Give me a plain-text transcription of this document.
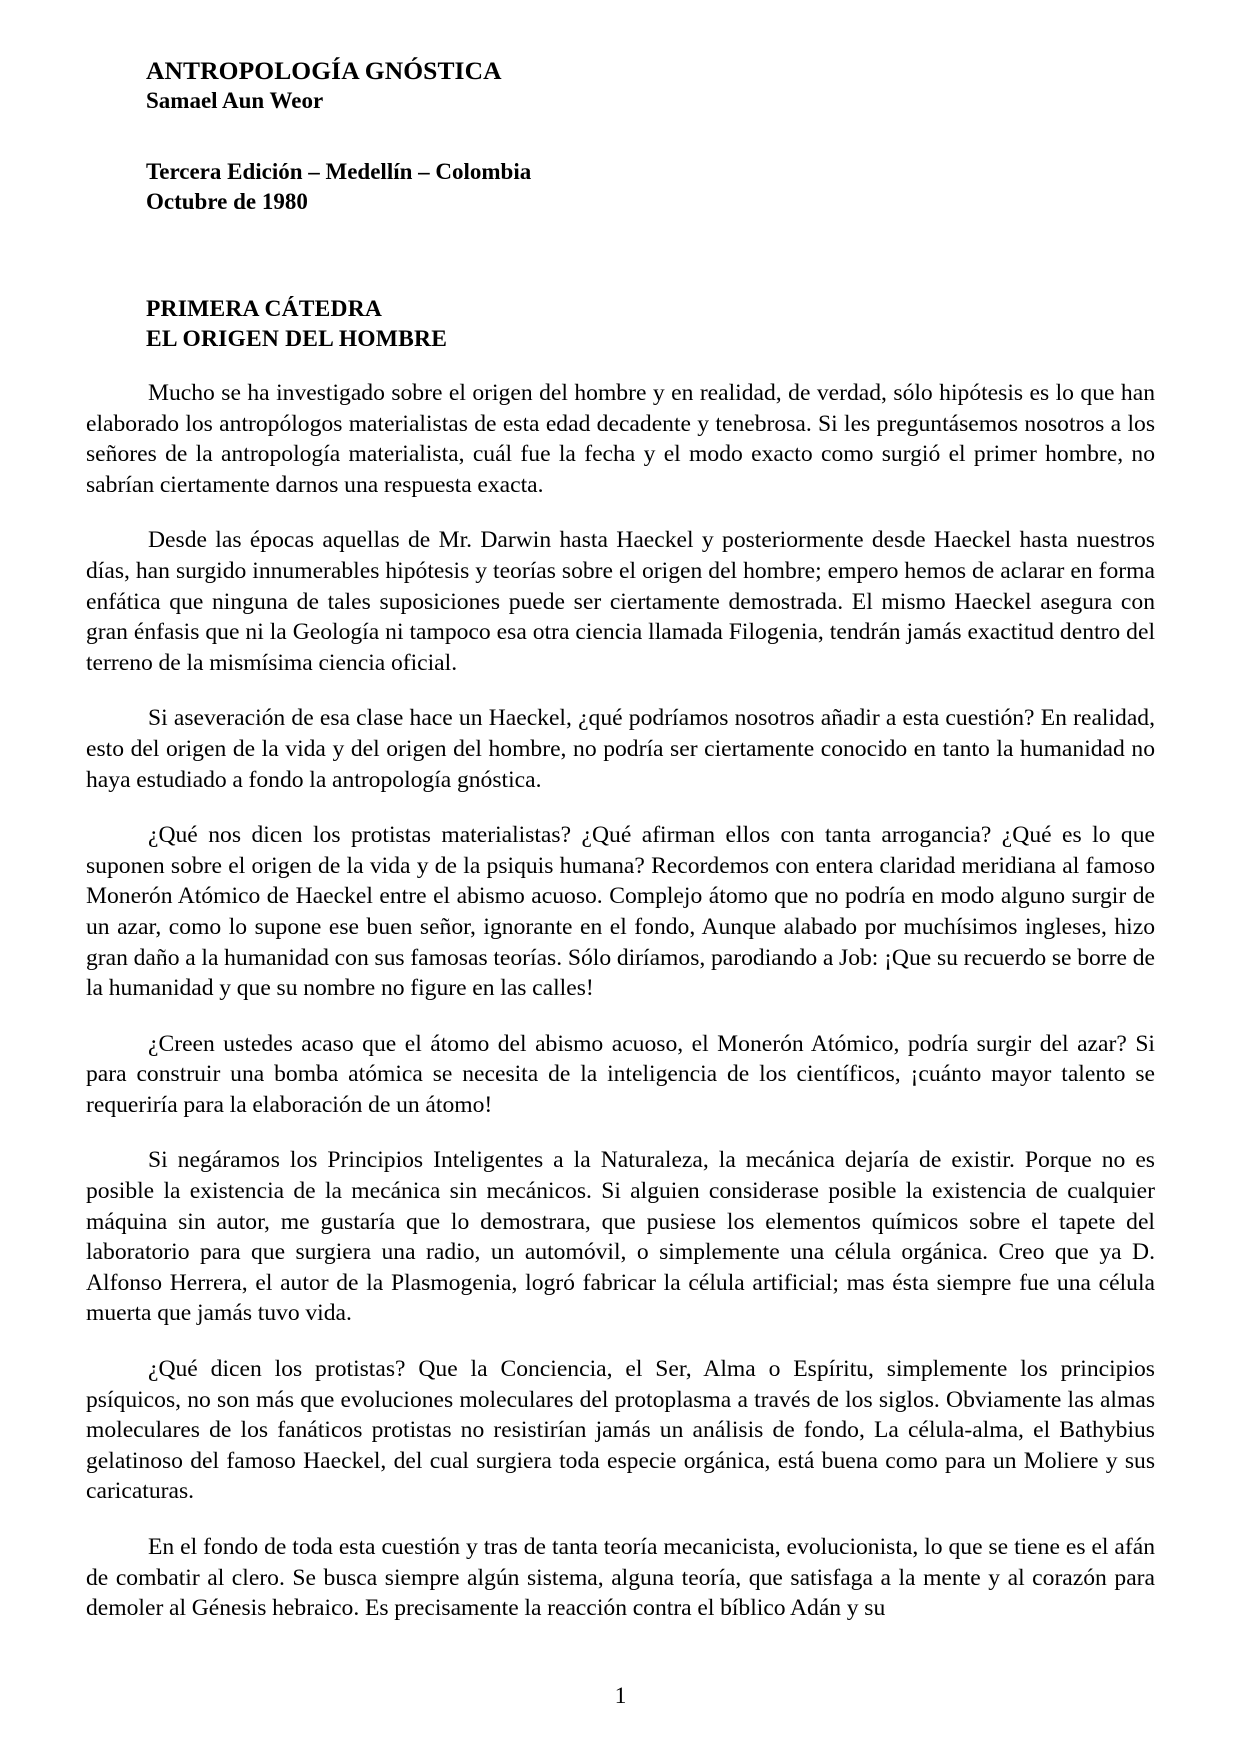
ANTROPOLOGÍA GNÓSTICA
Samael Aun Weor
Tercera Edición – Medellín – Colombia
Octubre de 1980
PRIMERA CÁTEDRA
EL ORIGEN DEL HOMBRE

Mucho se ha investigado sobre el origen del hombre y en realidad, de verdad, sólo hipótesis es lo que han elaborado los antropólogos materialistas de esta edad decadente y tenebrosa. Si les preguntásemos nosotros a los señores de la antropología materialista, cuál fue la fecha y el modo exacto como surgió el primer hombre, no sabrían ciertamente darnos una respuesta exacta.

Desde las épocas aquellas de Mr. Darwin hasta Haeckel y posteriormente desde Haeckel hasta nuestros días, han surgido innumerables hipótesis y teorías sobre el origen del hombre; empero hemos de aclarar en forma enfática que ninguna de tales suposiciones puede ser ciertamente demostrada. El mismo Haeckel asegura con gran énfasis que ni la Geología ni tampoco esa otra ciencia llamada Filogenia, tendrán jamás exactitud dentro del terreno de la mismísima ciencia oficial.

Si aseveración de esa clase hace un Haeckel, ¿qué podríamos nosotros añadir a esta cuestión? En realidad, esto del origen de la vida y del origen del hombre, no podría ser ciertamente conocido en tanto la humanidad no haya estudiado a fondo la antropología gnóstica.

¿Qué nos dicen los protistas materialistas? ¿Qué afirman ellos con tanta arrogancia? ¿Qué es lo que suponen sobre el origen de la vida y de la psiquis humana? Recordemos con entera claridad meridiana al famoso Monerón Atómico de Haeckel entre el abismo acuoso. Complejo átomo que no podría en modo alguno surgir de un azar, como lo supone ese buen señor, ignorante en el fondo, Aunque alabado por muchísimos ingleses, hizo gran daño a la humanidad con sus famosas teorías. Sólo diríamos, parodiando a Job: ¡Que su recuerdo se borre de la humanidad y que su nombre no figure en las calles!

¿Creen ustedes acaso que el átomo del abismo acuoso, el Monerón Atómico, podría surgir del azar? Si para construir una bomba atómica se necesita de la inteligencia de los científicos, ¡cuánto mayor talento se requeriría para la elaboración de un átomo!

Si negáramos los Principios Inteligentes a la Naturaleza, la mecánica dejaría de existir. Porque no es posible la existencia de la mecánica sin mecánicos. Si alguien considerase posible la existencia de cualquier máquina sin autor, me gustaría que lo demostrara, que pusiese los elementos químicos sobre el tapete del laboratorio para que surgiera una radio, un automóvil, o simplemente una célula orgánica. Creo que ya D. Alfonso Herrera, el autor de la Plasmogenia, logró fabricar la célula artificial; mas ésta siempre fue una célula muerta que jamás tuvo vida.

¿Qué dicen los protistas? Que la Conciencia, el Ser, Alma o Espíritu, simplemente los principios psíquicos, no son más que evoluciones moleculares del protoplasma a través de los siglos. Obviamente las almas moleculares de los fanáticos protistas no resistirían jamás un análisis de fondo, La célula-alma, el Bathybius gelatinoso del famoso Haeckel, del cual surgiera toda especie orgánica, está buena como para un Moliere y sus caricaturas.

En el fondo de toda esta cuestión y tras de tanta teoría mecanicista, evolucionista, lo que se tiene es el afán de combatir al clero. Se busca siempre algún sistema, alguna teoría, que satisfaga a la mente y al corazón para demoler al Génesis hebraico. Es precisamente la reacción contra el bíblico Adán y su

1
